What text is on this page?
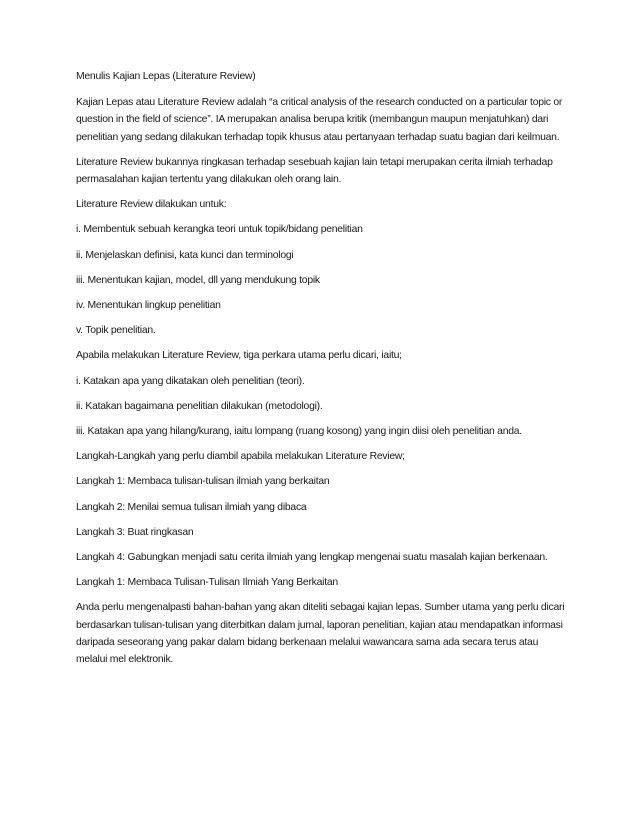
Menulis Kajian Lepas (Literature Review)

Kajian Lepas atau Literature Review adalah “a critical analysis of the research conducted on a particular topic or question in the field of science”. IA merupakan analisa berupa kritik (membangun maupun menjatuhkan) dari penelitian yang sedang dilakukan terhadap topik khusus atau pertanyaan terhadap suatu bagian dari keilmuan.

Literature Review bukannya ringkasan terhadap sesebuah kajian lain tetapi merupakan cerita ilmiah terhadap permasalahan kajian tertentu yang dilakukan oleh orang lain.

Literature Review dilakukan untuk:

i. Membentuk sebuah kerangka teori untuk topik/bidang penelitian

ii. Menjelaskan definisi, kata kunci dan terminologi

iii. Menentukan kajian, model, dll yang mendukung topik

iv. Menentukan lingkup penelitian

v. Topik penelitian.

Apabila melakukan Literature Review, tiga perkara utama perlu dicari, iaitu;

i. Katakan apa yang dikatakan oleh penelitian (teori).

ii. Katakan bagaimana penelitian dilakukan (metodologi).

iii. Katakan apa yang hilang/kurang, iaitu lompang (ruang kosong) yang ingin diisi oleh penelitian anda.

Langkah-Langkah yang perlu diambil apabila melakukan Literature Review;

Langkah 1: Membaca tulisan-tulisan ilmiah yang berkaitan

Langkah 2: Menilai semua tulisan ilmiah yang dibaca

Langkah 3: Buat ringkasan

Langkah 4: Gabungkan menjadi satu cerita ilmiah yang lengkap mengenai suatu masalah kajian berkenaan.

Langkah 1: Membaca Tulisan-Tulisan Ilmiah Yang Berkaitan

Anda perlu mengenalpasti bahan-bahan yang akan diteliti sebagai kajian lepas. Sumber utama yang perlu dicari berdasarkan tulisan-tulisan yang diterbitkan dalam jurnal, laporan penelitian, kajian atau mendapatkan informasi daripada seseorang yang pakar dalam bidang berkenaan melalui wawancara sama ada secara terus atau melalui mel elektronik.
